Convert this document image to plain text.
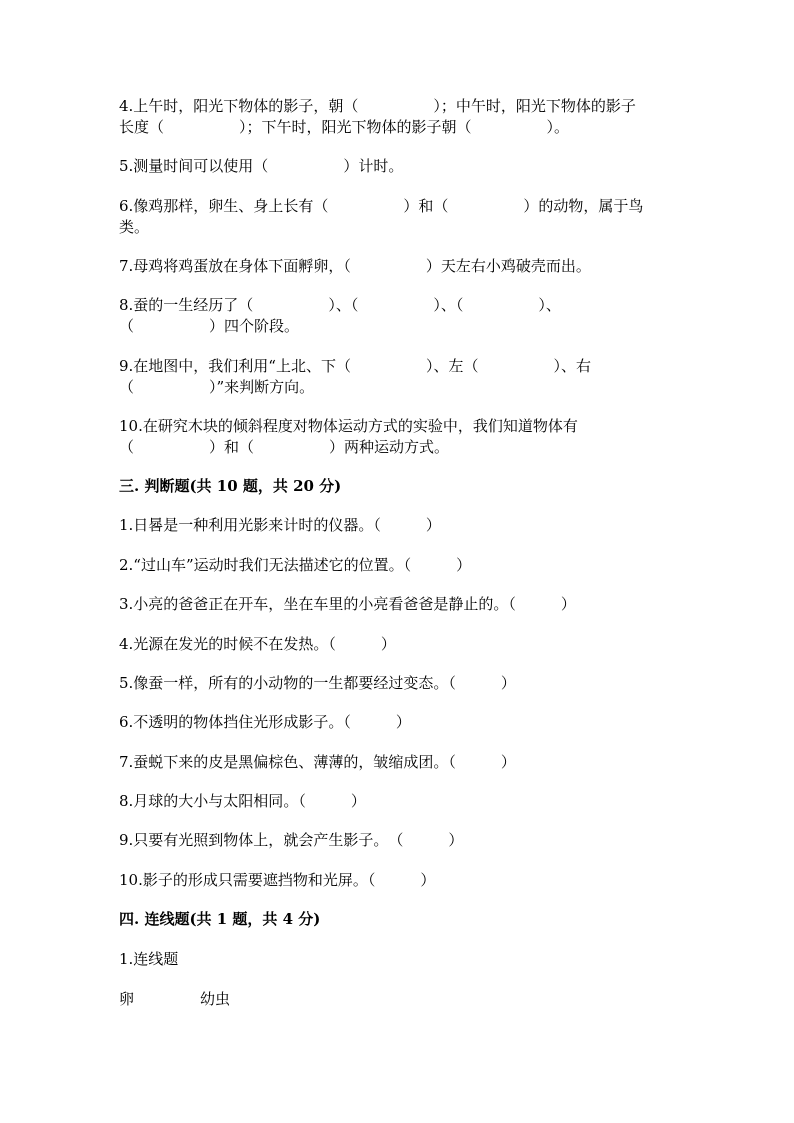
4.上午时，阳光下物体的影子，朝（　　　　　）；中午时，阳光下物体的影子
长度（　　　　　）；下午时，阳光下物体的影子朝（　　　　　）。
5.测量时间可以使用（　　　　　）计时。
6.像鸡那样，卵生、身上长有（　　　　　）和（　　　　　）的动物，属于鸟
类。
7.母鸡将鸡蛋放在身体下面孵卵，（　　　　　）天左右小鸡破壳而出。
8.蚕的一生经历了（　　　　　）、（　　　　　）、（　　　　　）、
（　　　　　）四个阶段。
9.在地图中，我们利用“上北、下（　　　　　）、左（　　　　　）、右
（　　　　　）”来判断方向。
10.在研究木块的倾斜程度对物体运动方式的实验中，我们知道物体有
（　　　　　）和（　　　　　）两种运动方式。
三. 判断题(共 10 题，共 20 分)
1.日晷是一种利用光影来计时的仪器。（　　　）
2.“过山车”运动时我们无法描述它的位置。（　　　）
3.小亮的爸爸正在开车，坐在车里的小亮看爸爸是静止的。（　　　）
4.光源在发光的时候不在发热。（　　　）
5.像蚕一样，所有的小动物的一生都要经过变态。（　　　）
6.不透明的物体挡住光形成影子。（　　　）
7.蚕蜕下来的皮是黑偏棕色、薄薄的，皱缩成团。（　　　）
8.月球的大小与太阳相同。（　　　）
9.只要有光照到物体上，就会产生影子。　（　　　）
10.影子的形成只需要遮挡物和光屏。（　　　）
四. 连线题(共 1 题，共 4 分)
1.连线题
卵	幼虫
